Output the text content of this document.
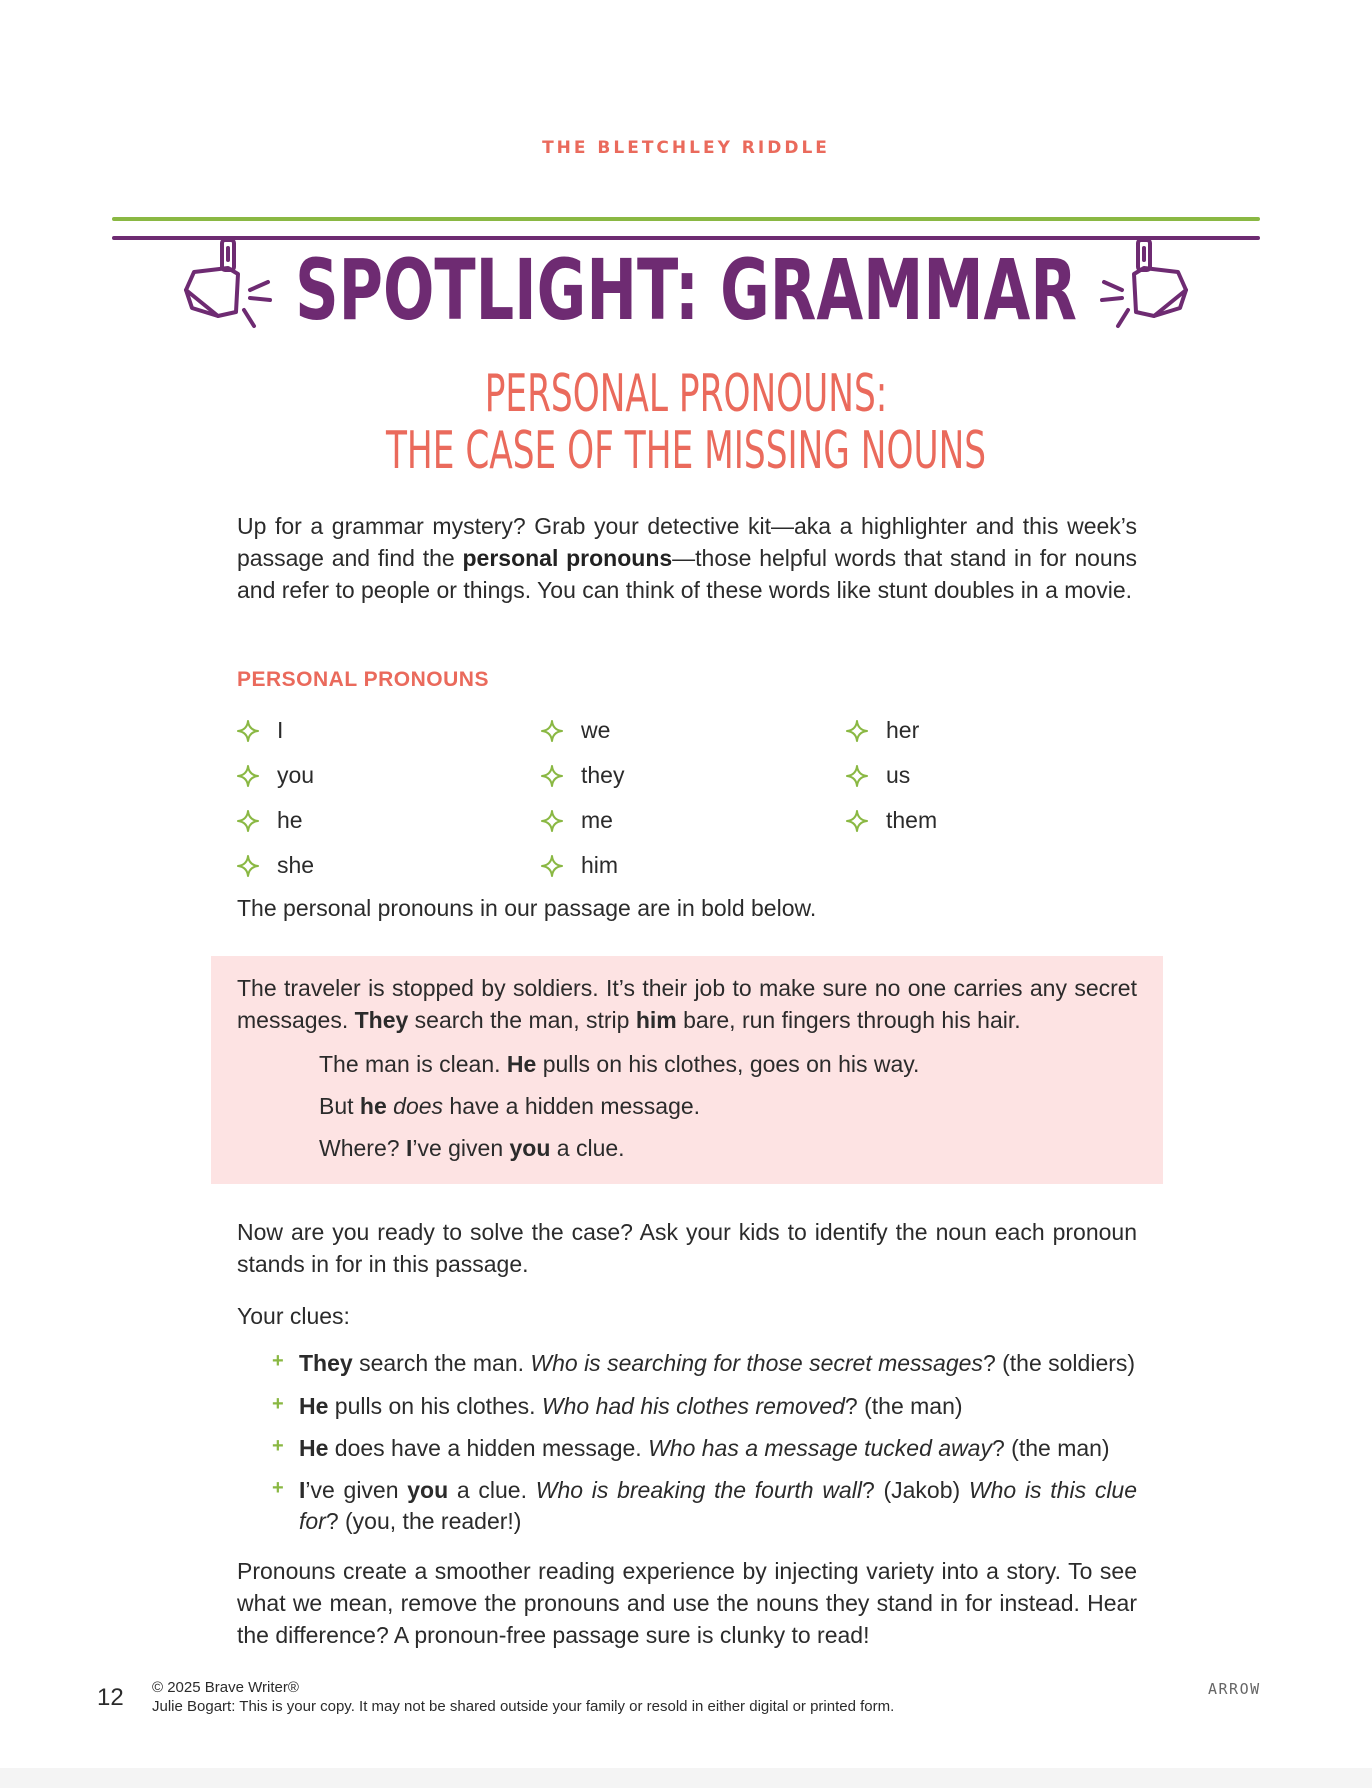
THE BLETCHLEY RIDDLE
SPOTLIGHT: GRAMMAR
PERSONAL PRONOUNS:
THE CASE OF THE MISSING NOUNS
Up for a grammar mystery? Grab your detective kit—aka a highlighter and this week’s passage and find the personal pronouns—those helpful words that stand in for nouns and refer to people or things. You can think of these words like stunt doubles in a movie.
PERSONAL PRONOUNS
I
you
he
she
we
they
me
him
her
us
them
The personal pronouns in our passage are in bold below.
The traveler is stopped by soldiers. It’s their job to make sure no one carries any secret messages. They search the man, strip him bare, run fingers through his hair.
The man is clean. He pulls on his clothes, goes on his way.
But he does have a hidden message.
Where? I’ve given you a clue.
Now are you ready to solve the case? Ask your kids to identify the noun each pronoun stands in for in this passage.
Your clues:
+ They search the man. Who is searching for those secret messages? (the soldiers)
+ He pulls on his clothes. Who had his clothes removed? (the man)
+ He does have a hidden message. Who has a message tucked away? (the man)
+ I’ve given you a clue. Who is breaking the fourth wall? (Jakob) Who is this clue for? (you, the reader!)
Pronouns create a smoother reading experience by injecting variety into a story. To see what we mean, remove the pronouns and use the nouns they stand in for instead. Hear the difference? A pronoun-free passage sure is clunky to read!
12 © 2025 Brave Writer®
Julie Bogart: This is your copy. It may not be shared outside your family or resold in either digital or printed form.
ARROW
